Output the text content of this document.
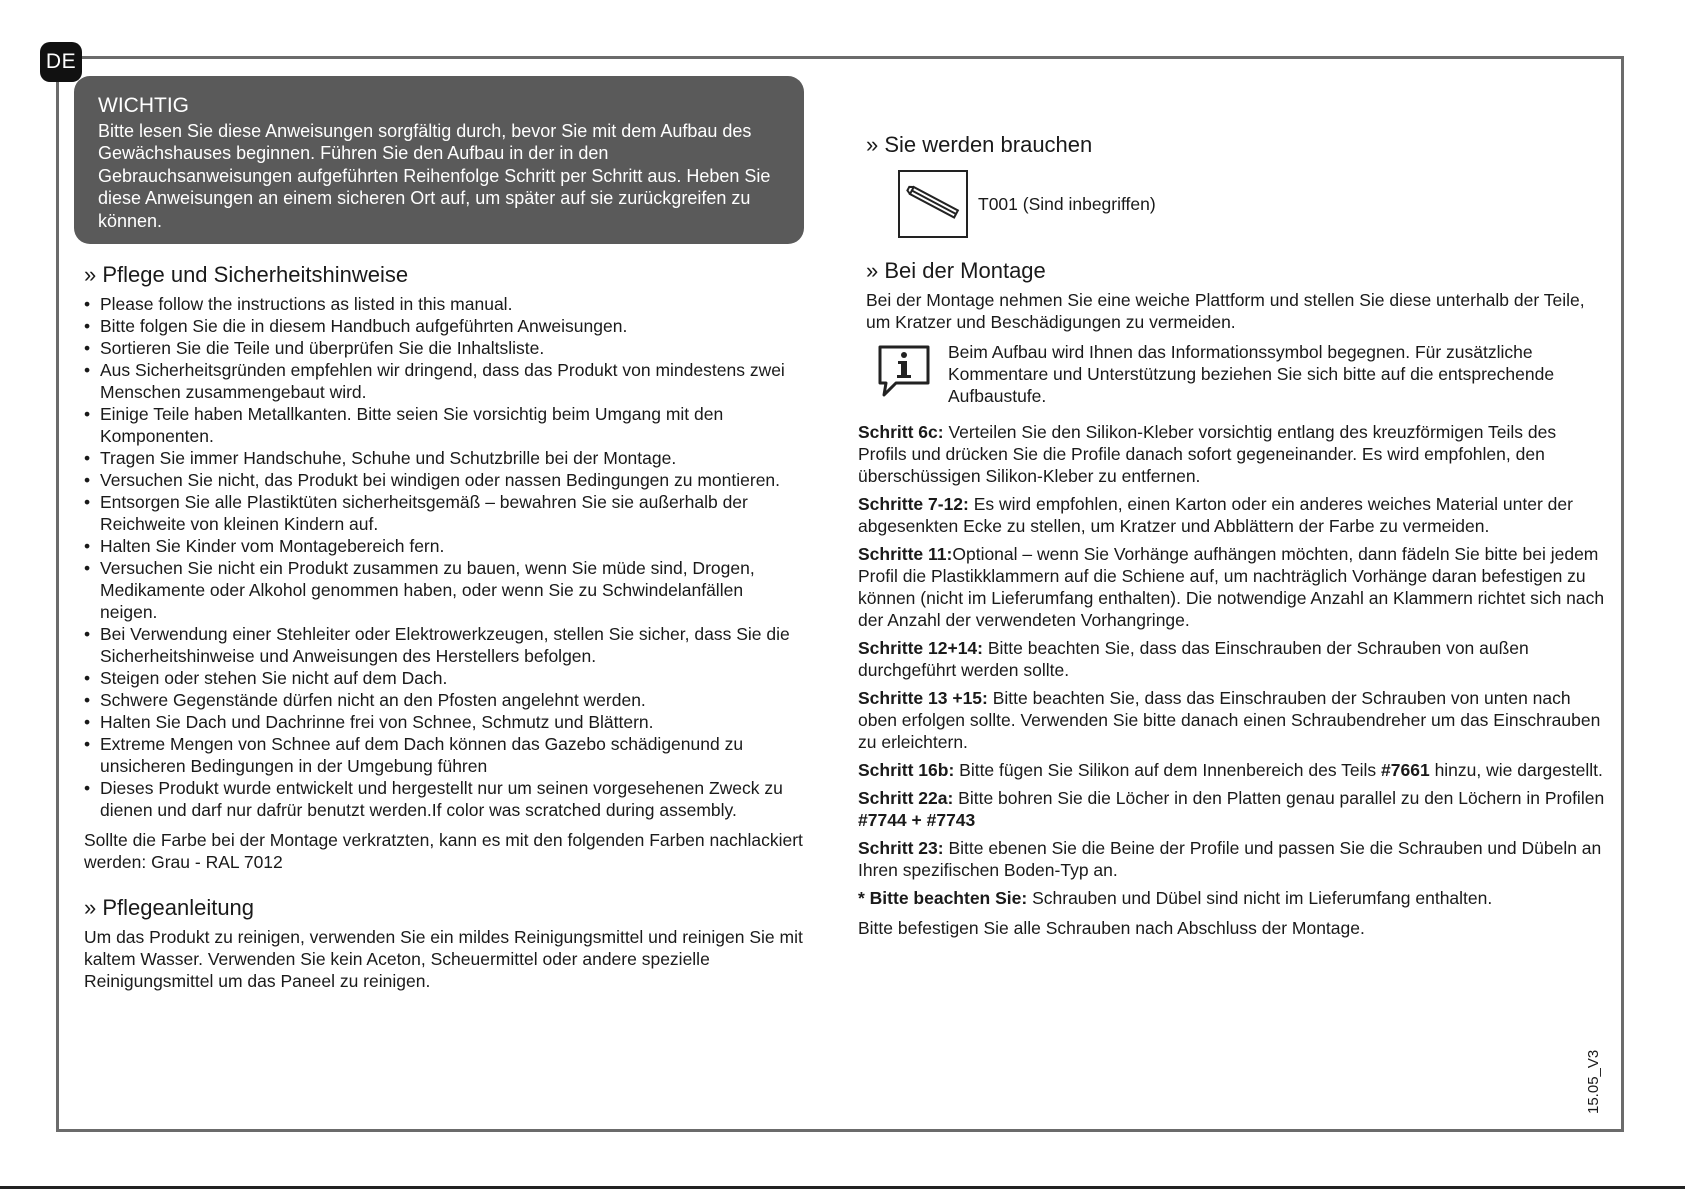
DE
WICHTIG
Bitte lesen Sie diese Anweisungen sorgfältig durch, bevor Sie mit dem Aufbau des Gewächshauses beginnen. Führen Sie den Aufbau in der in den Gebrauchsanweisungen aufgeführten Reihenfolge Schritt per Schritt aus. Heben Sie diese Anweisungen an einem sicheren Ort auf, um später auf sie zurückgreifen zu können.
» Pflege und Sicherheitshinweise
• Please follow the instructions as listed in this manual.
• Bitte folgen Sie die in diesem Handbuch aufgeführten Anweisungen.
• Sortieren Sie die Teile und überprüfen Sie die Inhaltsliste.
• Aus Sicherheitsgründen empfehlen wir dringend, dass das Produkt von mindestens zwei Menschen zusammengebaut wird.
• Einige Teile haben Metallkanten. Bitte seien Sie vorsichtig beim Umgang mit den Komponenten.
• Tragen Sie immer Handschuhe, Schuhe und Schutzbrille bei der Montage.
• Versuchen Sie nicht, das Produkt bei windigen oder nassen Bedingungen zu montieren.
• Entsorgen Sie alle Plastiktüten sicherheitsgemäß – bewahren Sie sie außerhalb der Reichweite von kleinen Kindern auf.
• Halten Sie Kinder vom Montagebereich fern.
• Versuchen Sie nicht ein Produkt zusammen zu bauen, wenn Sie müde sind, Drogen, Medikamente oder Alkohol genommen haben, oder wenn Sie zu Schwindelanfällen neigen.
• Bei Verwendung einer Stehleiter oder Elektrowerkzeugen, stellen Sie sicher, dass Sie die Sicherheitshinweise und Anweisungen des Herstellers befolgen.
• Steigen oder stehen Sie nicht auf dem Dach.
• Schwere Gegenstände dürfen nicht an den Pfosten angelehnt werden.
• Halten Sie Dach und Dachrinne frei von Schnee, Schmutz und Blättern.
• Extreme Mengen von Schnee auf dem Dach können das Gazebo schädigenund zu unsicheren Bedingungen in der Umgebung führen
• Dieses Produkt wurde entwickelt und hergestellt nur um seinen vorgesehenen Zweck zu dienen und darf nur dafrür benutzt werden.If color was scratched during assembly.

Sollte die Farbe bei der Montage verkratzten, kann es mit den folgenden Farben nachlackiert werden: Grau - RAL 7012

» Pflegeanleitung

Um das Produkt zu reinigen, verwenden Sie ein mildes Reinigungsmittel und reinigen Sie mit kaltem Wasser. Verwenden Sie kein Aceton, Scheuermittel oder andere spezielle Reinigungsmittel um das Paneel zu reinigen.

» Sie werden brauchen
T001 (Sind inbegriffen)
» Bei der Montage
Bei der Montage nehmen Sie eine weiche Plattform und stellen Sie diese unterhalb der Teile, um Kratzer und Beschädigungen zu vermeiden.
Beim Aufbau wird Ihnen das Informationssymbol begegnen. Für zusätzliche Kommentare und Unterstützung beziehen Sie sich bitte auf die entsprechende Aufbaustufe.

Schritt 6c: Verteilen Sie den Silikon-Kleber vorsichtig entlang des kreuzförmigen Teils des Profils und drücken Sie die Profile danach sofort gegeneinander. Es wird empfohlen, den überschüssigen Silikon-Kleber zu entfernen.

Schritte 7-12: Es wird empfohlen, einen Karton oder ein anderes weiches Material unter der abgesenkten Ecke zu stellen, um Kratzer und Abblättern der Farbe zu vermeiden.

Schritte 11:Optional – wenn Sie Vorhänge aufhängen möchten, dann fädeln Sie bitte bei jedem Profil die Plastikklammern auf die Schiene auf, um nachträglich Vorhänge daran befestigen zu können (nicht im Lieferumfang enthalten). Die notwendige Anzahl an Klammern richtet sich nach der Anzahl der verwendeten Vorhangringe.

Schritte 12+14: Bitte beachten Sie, dass das Einschrauben der Schrauben von außen durchgeführt werden sollte.

Schritte 13 +15: Bitte beachten Sie, dass das Einschrauben der Schrauben von unten nach oben erfolgen sollte. Verwenden Sie bitte danach einen Schraubendreher um das Einschrauben zu erleichtern.

Schritt 16b: Bitte fügen Sie Silikon auf dem Innenbereich des Teils #7661 hinzu, wie dargestellt.

Schritt 22a: Bitte bohren Sie die Löcher in den Platten genau parallel zu den Löchern in Profilen #7744 + #7743

Schritt 23: Bitte ebenen Sie die Beine der Profile und passen Sie die Schrauben und Dübeln an Ihren spezifischen Boden-Typ an.

* Bitte beachten Sie: Schrauben und Dübel sind nicht im Lieferumfang enthalten.

Bitte befestigen Sie alle Schrauben nach Abschluss der Montage.

15.05_V3
